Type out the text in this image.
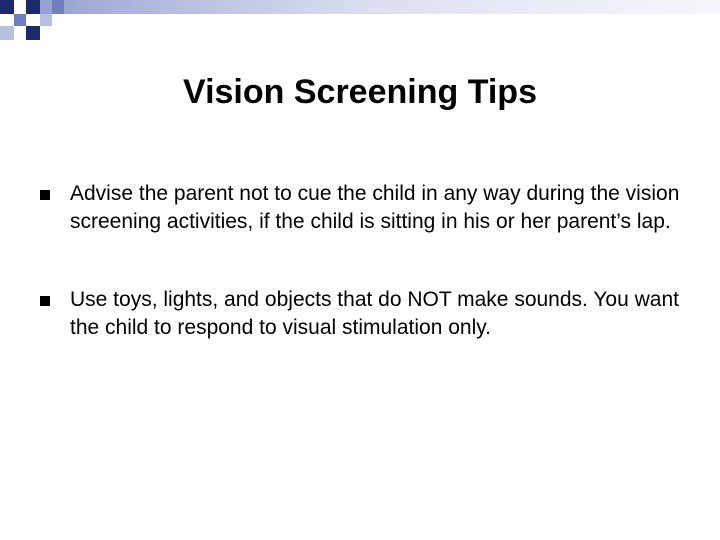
Vision Screening Tips
Advise the parent not to cue the child in any way during the vision screening activities, if the child is sitting in his or her parent’s lap.
Use toys, lights, and objects that do NOT make sounds. You want the child to respond to visual stimulation only.
